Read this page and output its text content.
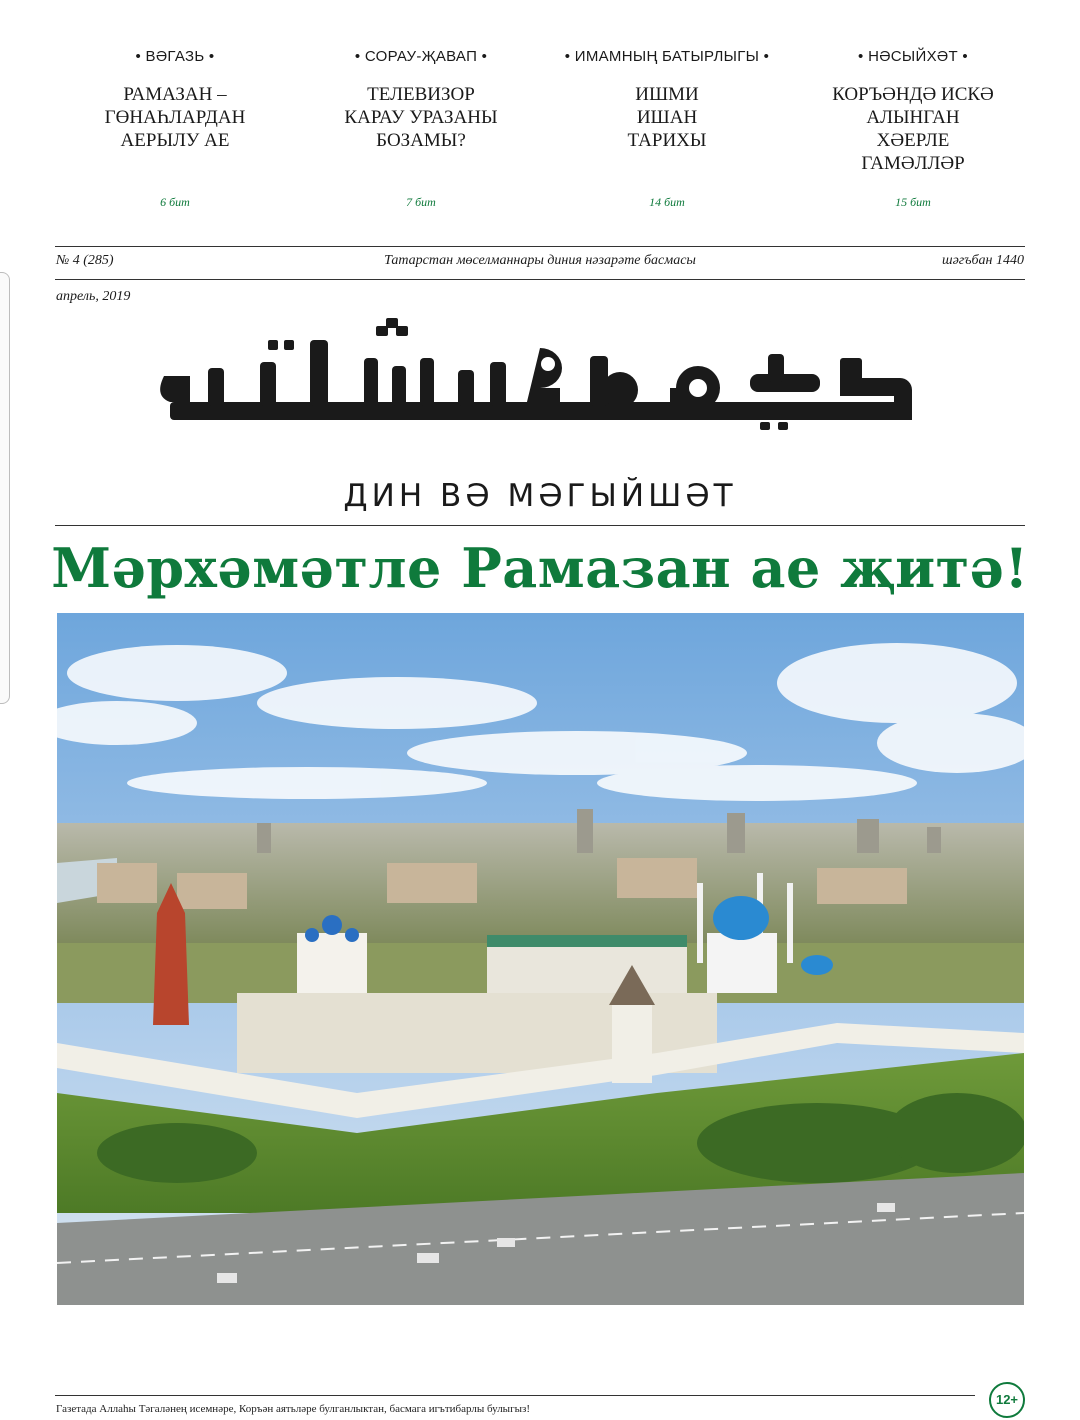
• ВӘГАЗЬ •
РАМАЗАН – ГӨНАҺЛАРДАН АЕРЫЛУ АЕ
6 бит
• СОРАУ-ҖАВАП •
ТЕЛЕВИЗОР КАРАУ УРАЗАНЫ БОЗАМЫ?
7 бит
• ИМАМНЫҢ БАТЫРЛЫГЫ •
ИШМИ ИШАН ТАРИХЫ
14 бит
• НӘСЫЙХӘТ •
КОРЪӘНДӘ ИСКӘ АЛЫНГАН ХӘЕРЛЕ ГАМӘЛЛӘР
15 бит
№ 4 (285)	Татарстан мөселманнары диния нәзарәте басмасы	шәгъбан 1440
апрель, 2019
ДИН ВӘ МӘГЫЙШӘТ
Мәрхәмәтле Рамазан ае җитә!
Газетада Аллаһы Тәгаләнең исемнәре, Коръән аятьләре булганлыктан, басмага игътибарлы булыгыз!
12+
